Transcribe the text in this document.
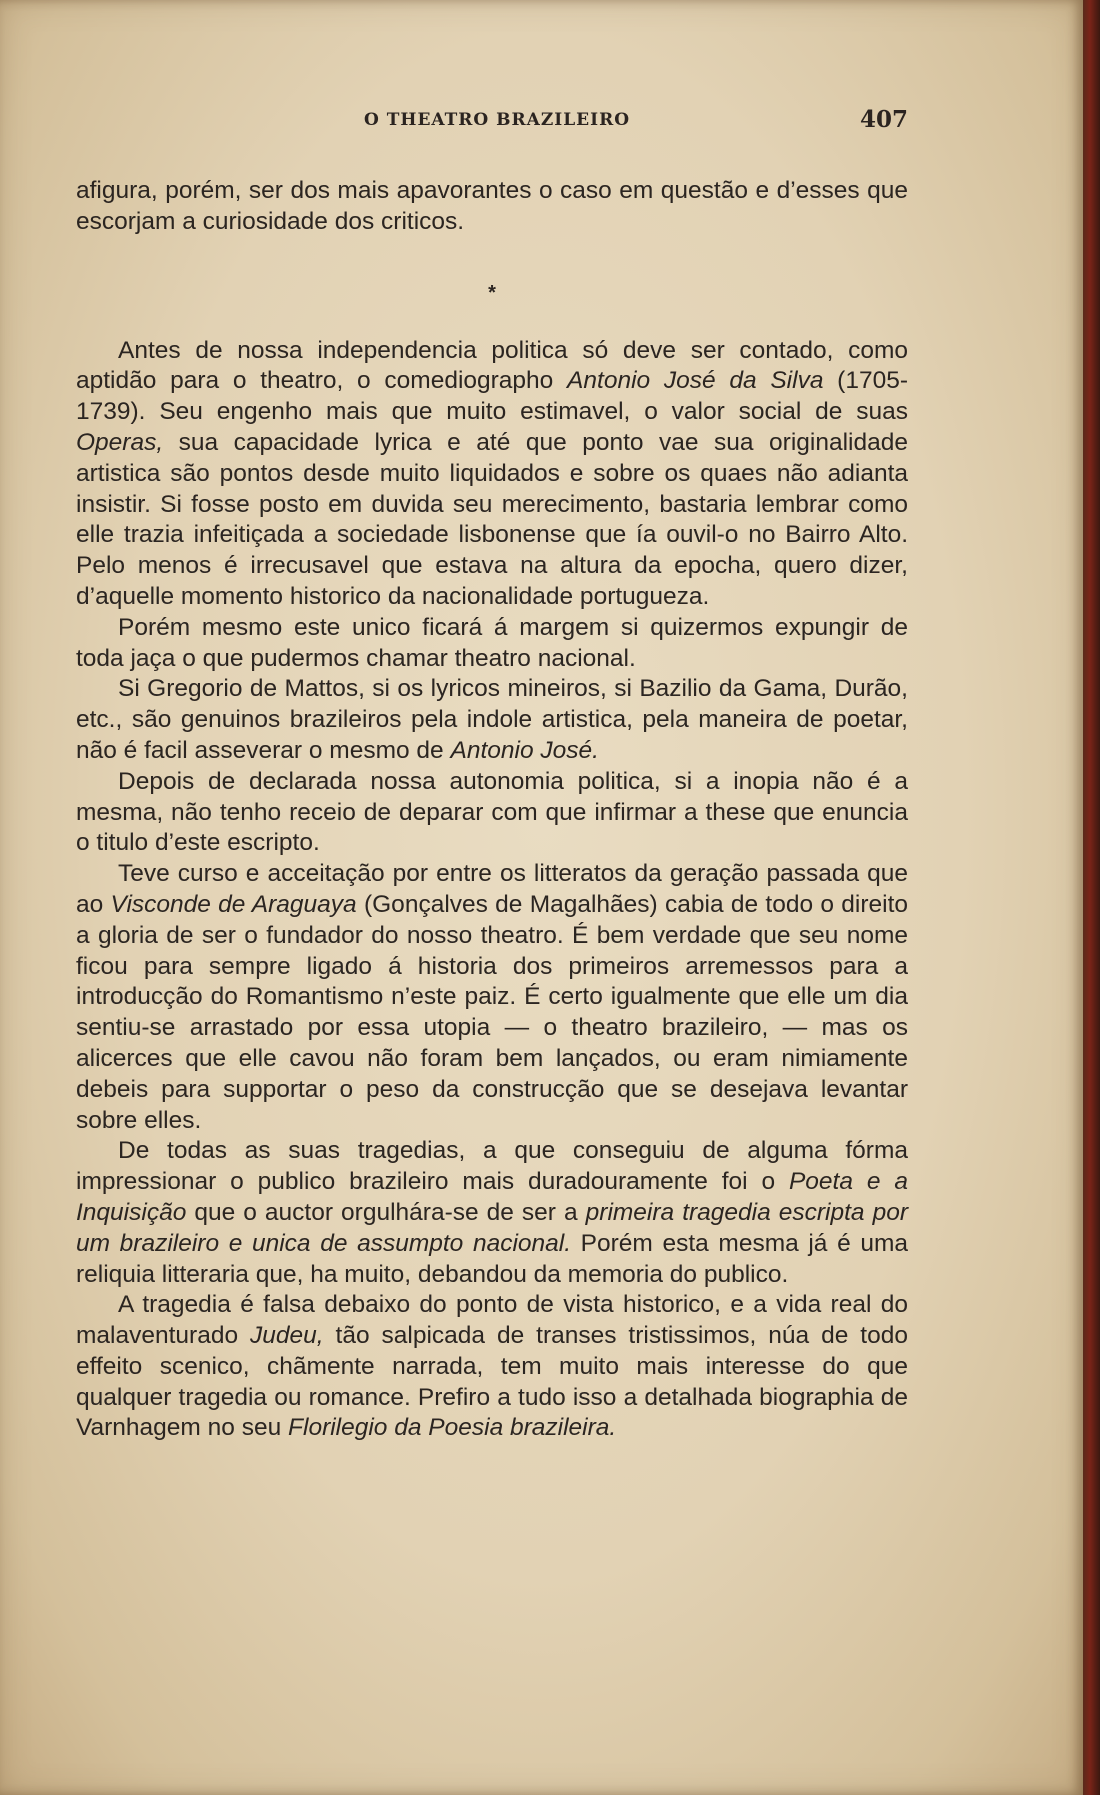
O THEATRO BRAZILEIRO	407

afigura, porém, ser dos mais apavorantes o caso em questão e d’esses que escorjam a curiosidade dos criticos.

*

Antes de nossa independencia politica só deve ser contado, como aptidão para o theatro, o comediographo Antonio José da Silva (1705-1739). Seu engenho mais que muito estimavel, o valor social de suas Operas, sua capacidade lyrica e até que ponto vae sua originalidade artistica são pontos desde muito liquidados e sobre os quaes não adianta insistir. Si fosse posto em duvida seu merecimento, bastaria lembrar como elle trazia infeitiçada a sociedade lisbonense que ía ouvil-o no Bairro Alto. Pelo menos é irrecusavel que estava na altura da epocha, quero dizer, d’aquelle momento historico da nacionalidade portugueza.

Porém mesmo este unico ficará á margem si quizermos expungir de toda jaça o que pudermos chamar theatro nacional.

Si Gregorio de Mattos, si os lyricos mineiros, si Bazilio da Gama, Durão, etc., são genuinos brazileiros pela indole artistica, pela maneira de poetar, não é facil asseverar o mesmo de Antonio José.

Depois de declarada nossa autonomia politica, si a inopia não é a mesma, não tenho receio de deparar com que infirmar a these que enuncia o titulo d’este escripto.

Teve curso e acceitação por entre os litteratos da geração passada que ao Visconde de Araguaya (Gonçalves de Magalhães) cabia de todo o direito a gloria de ser o fundador do nosso theatro. É bem verdade que seu nome ficou para sempre ligado á historia dos primeiros arremessos para a introducção do Romantismo n’este paiz. É certo igualmente que elle um dia sentiu-se arrastado por essa utopia — o theatro brazileiro, — mas os alicerces que elle cavou não foram bem lançados, ou eram nimiamente debeis para supportar o peso da construcção que se desejava levantar sobre elles.

De todas as suas tragedias, a que conseguiu de alguma fórma impressionar o publico brazileiro mais duradouramente foi o Poeta e a Inquisição que o auctor orgulhára-se de ser a primeira tragedia escripta por um brazileiro e unica de assumpto nacional. Porém esta mesma já é uma reliquia litteraria que, ha muito, debandou da memoria do publico.

A tragedia é falsa debaixo do ponto de vista historico, e a vida real do malaventurado Judeu, tão salpicada de transes tristissimos, núa de todo effeito scenico, chãmente narrada, tem muito mais interesse do que qualquer tragedia ou romance. Prefiro a tudo isso a detalhada biographia de Varnhagem no seu Florilegio da Poesia brazileira.
